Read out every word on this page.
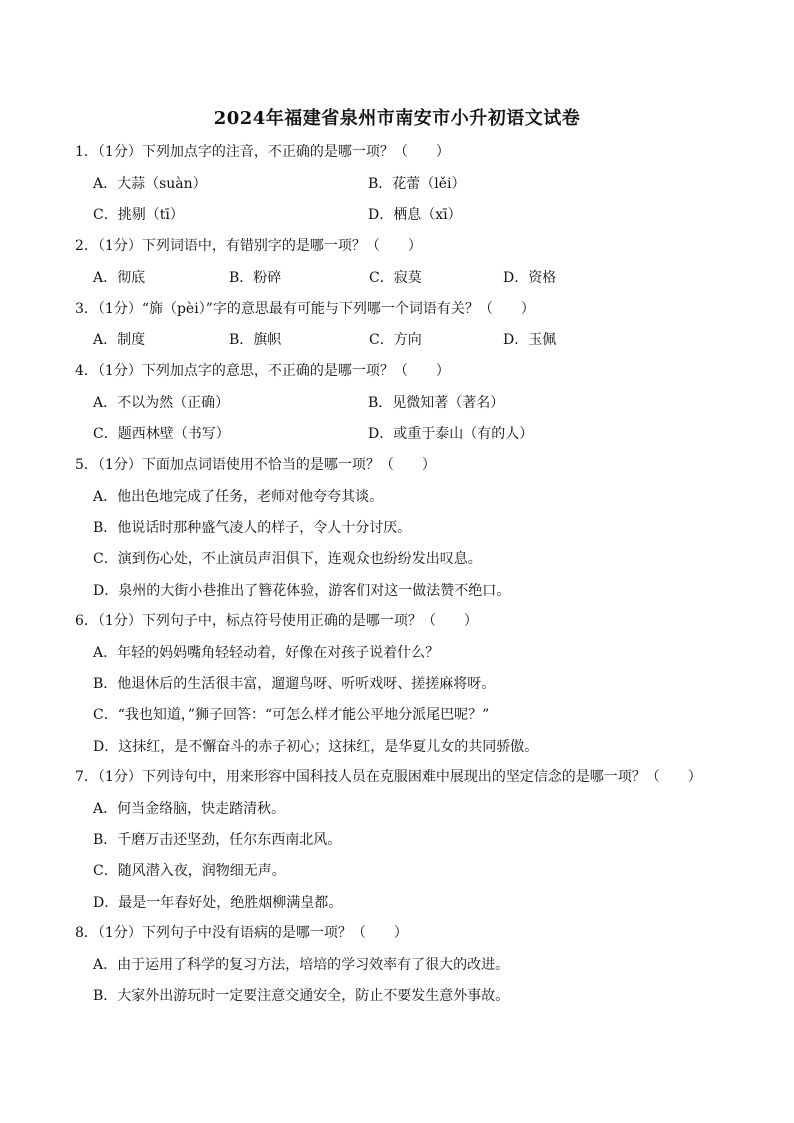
2024年福建省泉州市南安市小升初语文试卷
1．（1分）下列加点字的注音，不正确的是哪一项？（　　）
A．大蒜（suàn）	B．花蕾（lěi）
C．挑剔（tī）	D．栖息（xī）
2．（1分）下列词语中，有错别字的是哪一项？（　　）
A．彻底	B．粉碎	C．寂莫	D．资格
3．（1分）“旆（pèi）”字的意思最有可能与下列哪一个词语有关？（　　）
A．制度	B．旗帜	C．方向	D．玉佩
4．（1分）下列加点字的意思，不正确的是哪一项？（　　）
A．不以为然（正确）	B．见微知著（著名）
C．题西林壁（书写）	D．或重于泰山（有的人）
5．（1分）下面加点词语使用不恰当的是哪一项？（　　）
A．他出色地完成了任务，老师对他夸夸其谈。
B．他说话时那种盛气凌人的样子，令人十分讨厌。
C．演到伤心处，不止演员声泪俱下，连观众也纷纷发出叹息。
D．泉州的大街小巷推出了簪花体验，游客们对这一做法赞不绝口。
6．（1分）下列句子中，标点符号使用正确的是哪一项？（　　）
A．年轻的妈妈嘴角轻轻动着，好像在对孩子说着什么？
B．他退休后的生活很丰富，遛遛鸟呀、听听戏呀、搓搓麻将呀。
C．“我也知道，”狮子回答：“可怎么样才能公平地分派尾巴呢？”
D．这抹红，是不懈奋斗的赤子初心；这抹红，是华夏儿女的共同骄傲。
7．（1分）下列诗句中，用来形容中国科技人员在克服困难中展现出的坚定信念的是哪一项？（　　）
A．何当金络脑，快走踏清秋。
B．千磨万击还坚劲，任尔东西南北风。
C．随风潜入夜，润物细无声。
D．最是一年春好处，绝胜烟柳满皇都。
8．（1分）下列句子中没有语病的是哪一项？（　　）
A．由于运用了科学的复习方法，培培的学习效率有了很大的改进。
B．大家外出游玩时一定要注意交通安全，防止不要发生意外事故。
